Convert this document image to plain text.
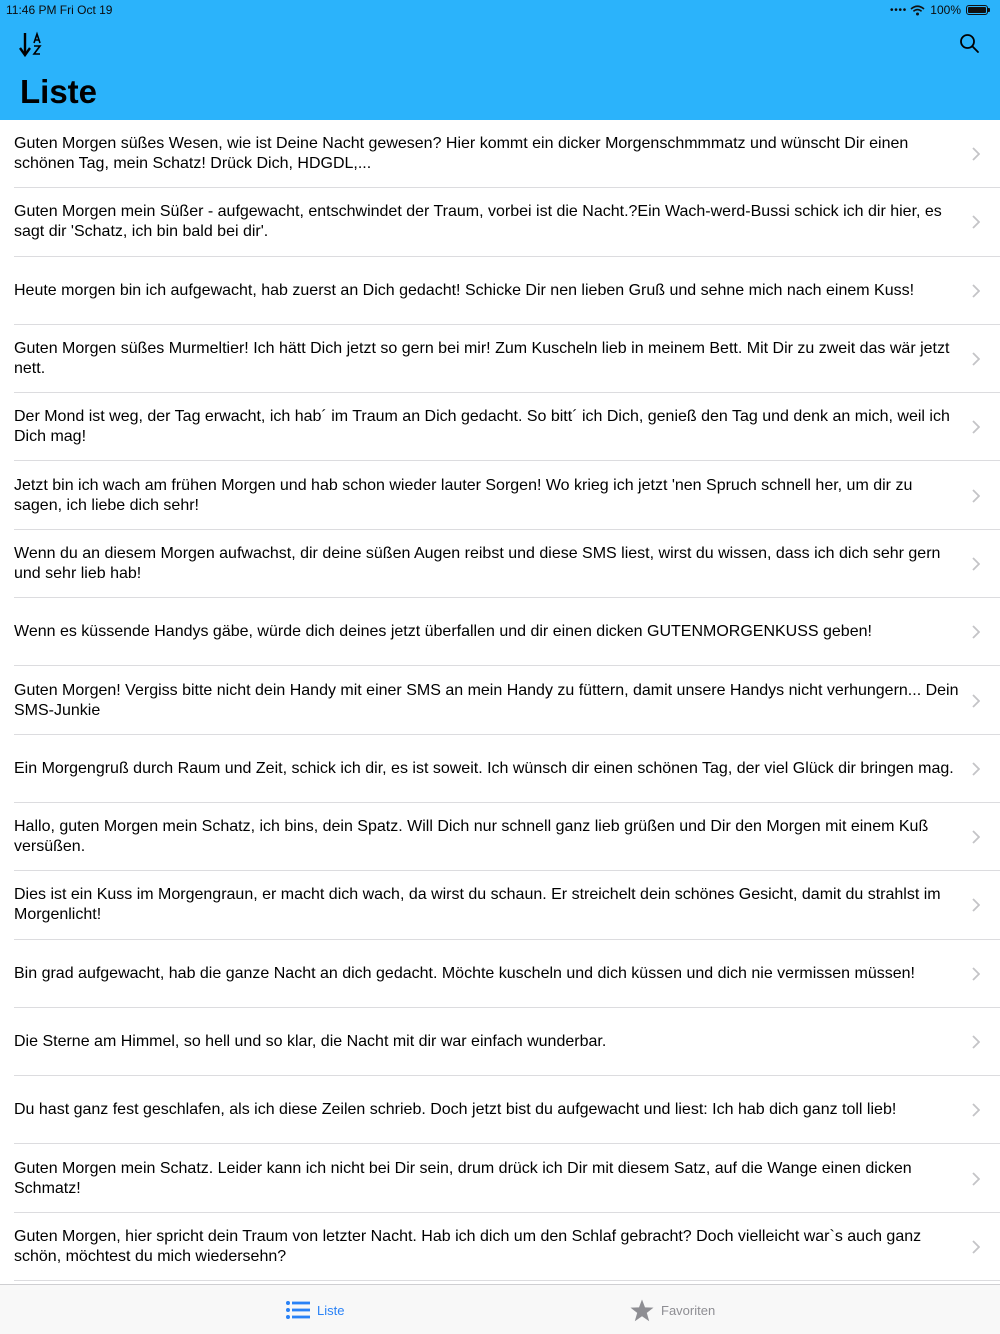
11:46 PM Fri Oct 19	• • • • 100%
Liste
Guten Morgen süßes Wesen, wie ist Deine Nacht gewesen? Hier kommt ein dicker Morgenschmmmatz und wünscht Dir einen schönen Tag, mein Schatz! Drück Dich, HDGDL,...
Guten Morgen mein Süßer - aufgewacht, entschwindet der Traum, vorbei ist die Nacht.?Ein Wach-werd-Bussi schick ich dir hier, es sagt dir 'Schatz, ich bin bald bei dir'.
Heute morgen bin ich aufgewacht, hab zuerst an Dich gedacht! Schicke Dir nen lieben Gruß und sehne mich nach einem Kuss!
Guten Morgen süßes Murmeltier! Ich hätt Dich jetzt so gern bei mir! Zum Kuscheln lieb in meinem Bett. Mit Dir zu zweit das wär jetzt nett.
Der Mond ist weg, der Tag erwacht, ich hab´ im Traum an Dich gedacht. So bitt´ ich Dich, genieß den Tag und denk an mich, weil ich Dich mag!
Jetzt bin ich wach am frühen Morgen und hab schon wieder lauter Sorgen! Wo krieg ich jetzt 'nen Spruch schnell her, um dir zu sagen, ich liebe dich sehr!
Wenn du an diesem Morgen aufwachst, dir deine süßen Augen reibst und diese SMS liest, wirst du wissen, dass ich dich sehr gern und sehr lieb hab!
Wenn es küssende Handys gäbe, würde dich deines jetzt überfallen und dir einen dicken GUTENMORGENKUSS geben!
Guten Morgen! Vergiss bitte nicht dein Handy mit einer SMS an mein Handy zu füttern, damit unsere Handys nicht verhungern... Dein SMS-Junkie
Ein Morgengruß durch Raum und Zeit, schick ich dir, es ist soweit. Ich wünsch dir einen schönen Tag, der viel Glück dir bringen mag.
Hallo, guten Morgen mein Schatz, ich bins, dein Spatz. Will Dich nur schnell ganz lieb grüßen und Dir den Morgen mit einem Kuß versüßen.
Dies ist ein Kuss im Morgengraun, er macht dich wach, da wirst du schaun. Er streichelt dein schönes Gesicht, damit du strahlst im Morgenlicht!
Bin grad aufgewacht, hab die ganze Nacht an dich gedacht. Möchte kuscheln und dich küssen und dich nie vermissen müssen!
Die Sterne am Himmel, so hell und so klar, die Nacht mit dir war einfach wunderbar.
Du hast ganz fest geschlafen, als ich diese Zeilen schrieb. Doch jetzt bist du aufgewacht und liest: Ich hab dich ganz toll lieb!
Guten Morgen mein Schatz. Leider kann ich nicht bei Dir sein, drum drück ich Dir mit diesem Satz, auf die Wange einen dicken Schmatz!
Guten Morgen, hier spricht dein Traum von letzter Nacht. Hab ich dich um den Schlaf gebracht? Doch vielleicht war`s auch ganz schön, möchtest du mich wiedersehn?
Liste	Favoriten
